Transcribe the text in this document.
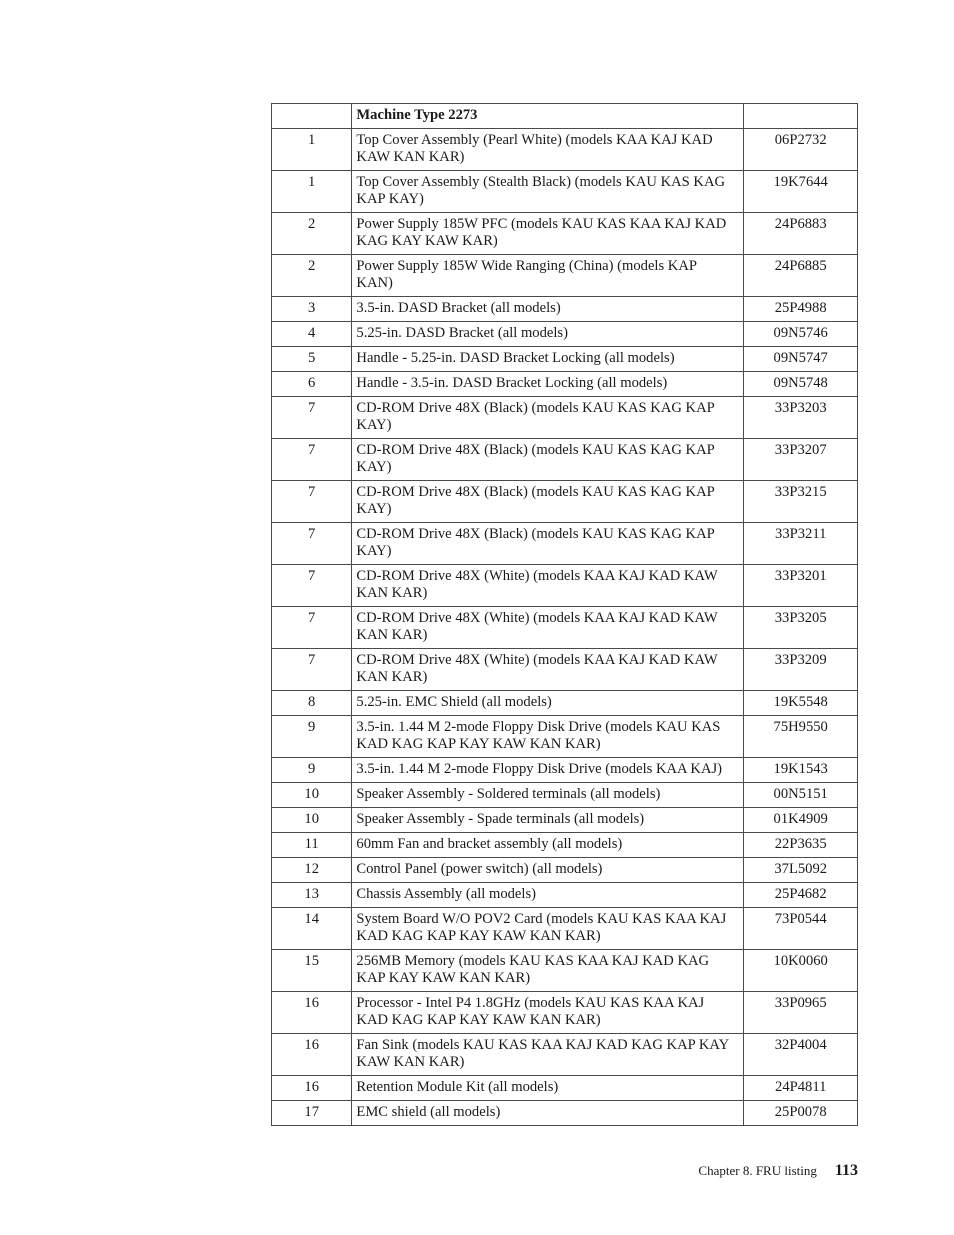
	Machine Type 2273	
1	Top Cover Assembly (Pearl White) (models KAA KAJ KAD KAW KAN KAR)	06P2732
1	Top Cover Assembly (Stealth Black) (models KAU KAS KAG KAP KAY)	19K7644
2	Power Supply 185W PFC (models KAU KAS KAA KAJ KAD KAG KAY KAW KAR)	24P6883
2	Power Supply 185W Wide Ranging (China) (models KAP KAN)	24P6885
3	3.5-in. DASD Bracket (all models)	25P4988
4	5.25-in. DASD Bracket (all models)	09N5746
5	Handle - 5.25-in. DASD Bracket Locking (all models)	09N5747
6	Handle - 3.5-in. DASD Bracket Locking (all models)	09N5748
7	CD-ROM Drive 48X (Black) (models KAU KAS KAG KAP KAY)	33P3203
7	CD-ROM Drive 48X (Black) (models KAU KAS KAG KAP KAY)	33P3207
7	CD-ROM Drive 48X (Black) (models KAU KAS KAG KAP KAY)	33P3215
7	CD-ROM Drive 48X (Black) (models KAU KAS KAG KAP KAY)	33P3211
7	CD-ROM Drive 48X (White) (models KAA KAJ KAD KAW KAN KAR)	33P3201
7	CD-ROM Drive 48X (White) (models KAA KAJ KAD KAW KAN KAR)	33P3205
7	CD-ROM Drive 48X (White) (models KAA KAJ KAD KAW KAN KAR)	33P3209
8	5.25-in. EMC Shield (all models)	19K5548
9	3.5-in. 1.44 M 2-mode Floppy Disk Drive (models KAU KAS KAD KAG KAP KAY KAW KAN KAR)	75H9550
9	3.5-in. 1.44 M 2-mode Floppy Disk Drive (models KAA KAJ)	19K1543
10	Speaker Assembly - Soldered terminals (all models)	00N5151
10	Speaker Assembly - Spade terminals (all models)	01K4909
11	60mm Fan and bracket assembly (all models)	22P3635
12	Control Panel (power switch) (all models)	37L5092
13	Chassis Assembly (all models)	25P4682
14	System Board W/O POV2 Card (models KAU KAS KAA KAJ KAD KAG KAP KAY KAW KAN KAR)	73P0544
15	256MB Memory (models KAU KAS KAA KAJ KAD KAG KAP KAY KAW KAN KAR)	10K0060
16	Processor - Intel P4 1.8GHz (models KAU KAS KAA KAJ KAD KAG KAP KAY KAW KAN KAR)	33P0965
16	Fan Sink (models KAU KAS KAA KAJ KAD KAG KAP KAY KAW KAN KAR)	32P4004
16	Retention Module Kit (all models)	24P4811
17	EMC shield (all models)	25P0078
Chapter 8. FRU listing 113
